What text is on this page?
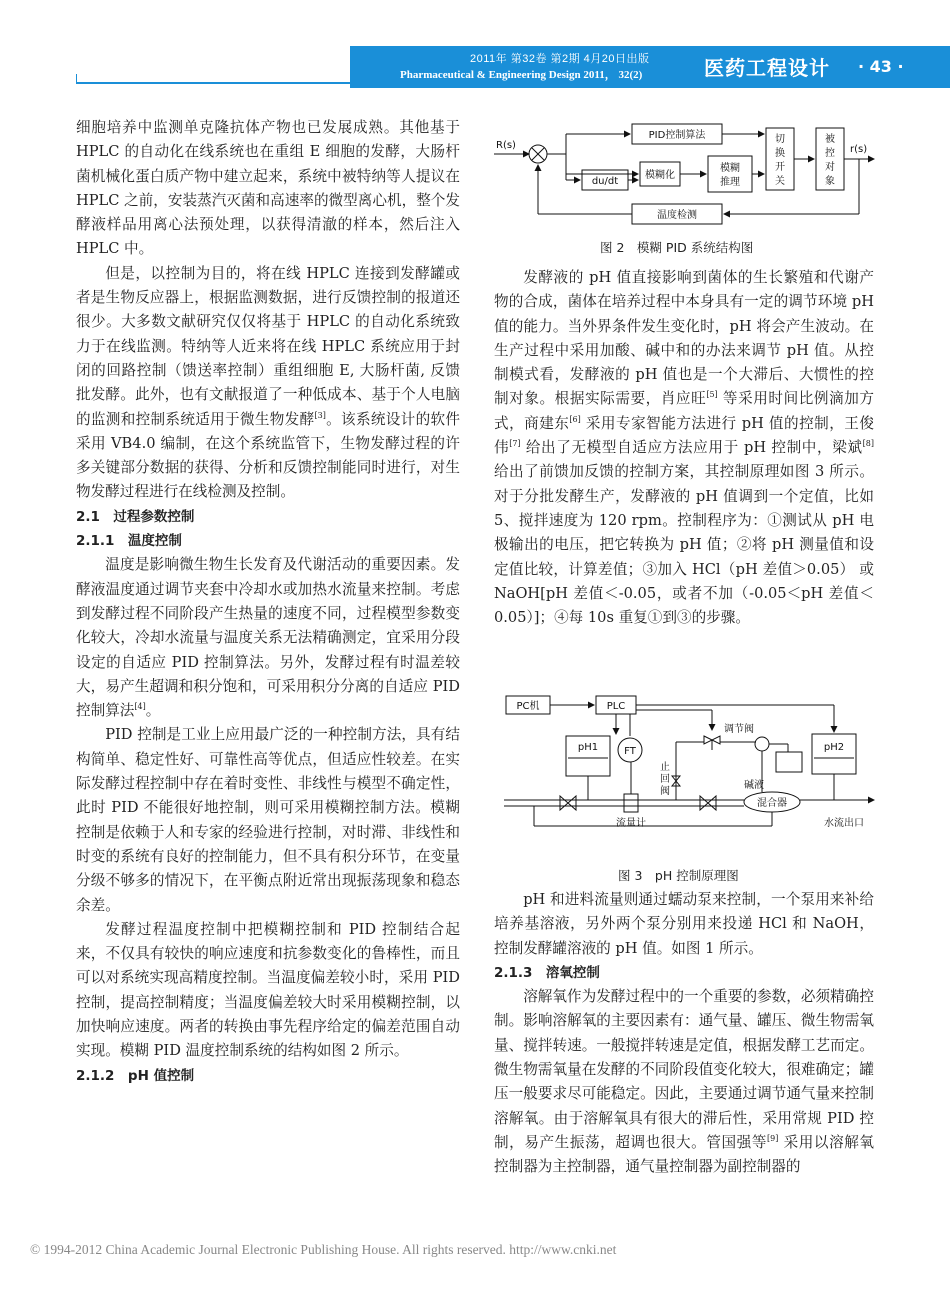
2011年 第32卷 第2期 4月20日出版
Pharmaceutical & Engineering Design 2011， 32(2)	医药工程设计 · 43 ·

细胞培养中监测单克隆抗体产物也已发展成熟。其他基于 HPLC 的自动化在线系统也在重组 E 细胞的发酵，大肠杆菌机械化蛋白质产物中建立起来，系统中被特纳等人提议在 HPLC 之前，安装蒸汽灭菌和高速率的微型离心机，整个发酵液样品用离心法预处理，以获得清澈的样本，然后注入 HPLC 中。

但是，以控制为目的，将在线 HPLC 连接到发酵罐或者是生物反应器上，根据监测数据，进行反馈控制的报道还很少。大多数文献研究仅仅将基于 HPLC 的自动化系统致力于在线监测。特纳等人近来将在线 HPLC 系统应用于封闭的回路控制（馈送率控制）重组细胞 E, 大肠杆菌, 反馈批发酵。此外，也有文献报道了一种低成本、基于个人电脑的监测和控制系统适用于微生物发酵[3]。该系统设计的软件采用 VB4.0 编制，在这个系统监管下，生物发酵过程的许多关键部分数据的获得、分析和反馈控制能同时进行，对生物发酵过程进行在线检测及控制。

2.1　过程参数控制

2.1.1　温度控制

温度是影响微生物生长发育及代谢活动的重要因素。发酵液温度通过调节夹套中冷却水或加热水流量来控制。考虑到发酵过程不同阶段产生热量的速度不同，过程模型参数变化较大，冷却水流量与温度关系无法精确测定，宜采用分段设定的自适应 PID 控制算法。另外，发酵过程有时温差较大，易产生超调和积分饱和，可采用积分分离的自适应 PID 控制算法[4]。

PID 控制是工业上应用最广泛的一种控制方法，具有结构简单、稳定性好、可靠性高等优点，但适应性较差。在实际发酵过程控制中存在着时变性、非线性与模型不确定性，此时 PID 不能很好地控制，则可采用模糊控制方法。模糊控制是依赖于人和专家的经验进行控制，对时滞、非线性和时变的系统有良好的控制能力，但不具有积分环节，在变量分级不够多的情况下，在平衡点附近常出现振荡现象和稳态余差。

发酵过程温度控制中把模糊控制和 PID 控制结合起来，不仅具有较快的响应速度和抗参数变化的鲁棒性，而且可以对系统实现高精度控制。当温度偏差较小时，采用 PID 控制，提高控制精度；当温度偏差较大时采用模糊控制，以加快响应速度。两者的转换由事先程序给定的偏差范围自动实现。模糊 PID 温度控制系统的结构如图 2 所示。

2.1.2　pH 值控制

R(s)	r(s)
PID控制算法
du/dt
模糊化
模糊
推理
切
换
开
关
被
控
对
象
温度检测
图 2　模糊 PID 系统结构图

发酵液的 pH 值直接影响到菌体的生长繁殖和代谢产物的合成，菌体在培养过程中本身具有一定的调节环境 pH 值的能力。当外界条件发生变化时，pH 将会产生波动。在生产过程中采用加酸、碱中和的办法来调节 pH 值。从控制模式看，发酵液的 pH 值也是一个大滞后、大惯性的控制对象。根据实际需要，肖应旺[5] 等采用时间比例滴加方式，商建东[6] 采用专家智能方法进行 pH 值的控制，王俊伟[7] 给出了无模型自适应方法应用于 pH 控制中，梁斌[8] 给出了前馈加反馈的控制方案，其控制原理如图 3 所示。对于分批发酵生产，发酵液的 pH 值调到一个定值，比如 5、搅拌速度为 120 rpm。控制程序为：①测试从 pH 电极输出的电压，把它转换为 pH 值；②将 pH 测量值和设定值比较，计算差值；③加入 HCl（pH 差值＞0.05） 或 NaOH[pH 差值＜-0.05，或者不加（-0.05＜pH 差值＜0.05）]；④每 10s 重复①到③的步骤。

PC机	PLC
pH1	pH2
FT
调节阀
止
回
阀
碱液
混合器
流量计	水流出口
图 3　pH 控制原理图

pH 和进料流量则通过蠕动泵来控制，一个泵用来补给培养基溶液，另外两个泵分别用来投递 HCl 和 NaOH，控制发酵罐溶液的 pH 值。如图 1 所示。

2.1.3　溶氧控制

溶解氧作为发酵过程中的一个重要的参数，必须精确控制。影响溶解氧的主要因素有：通气量、罐压、微生物需氧量、搅拌转速。一般搅拌转速是定值，根据发酵工艺而定。微生物需氧量在发酵的不同阶段值变化较大，很难确定；罐压一般要求尽可能稳定。因此，主要通过调节通气量来控制溶解氧。由于溶解氧具有很大的滞后性，采用常规 PID 控制，易产生振荡，超调也很大。管国强等[9] 采用以溶解氧控制器为主控制器，通气量控制器为副控制器的

© 1994-2012 China Academic Journal Electronic Publishing House. All rights reserved. http://www.cnki.net
